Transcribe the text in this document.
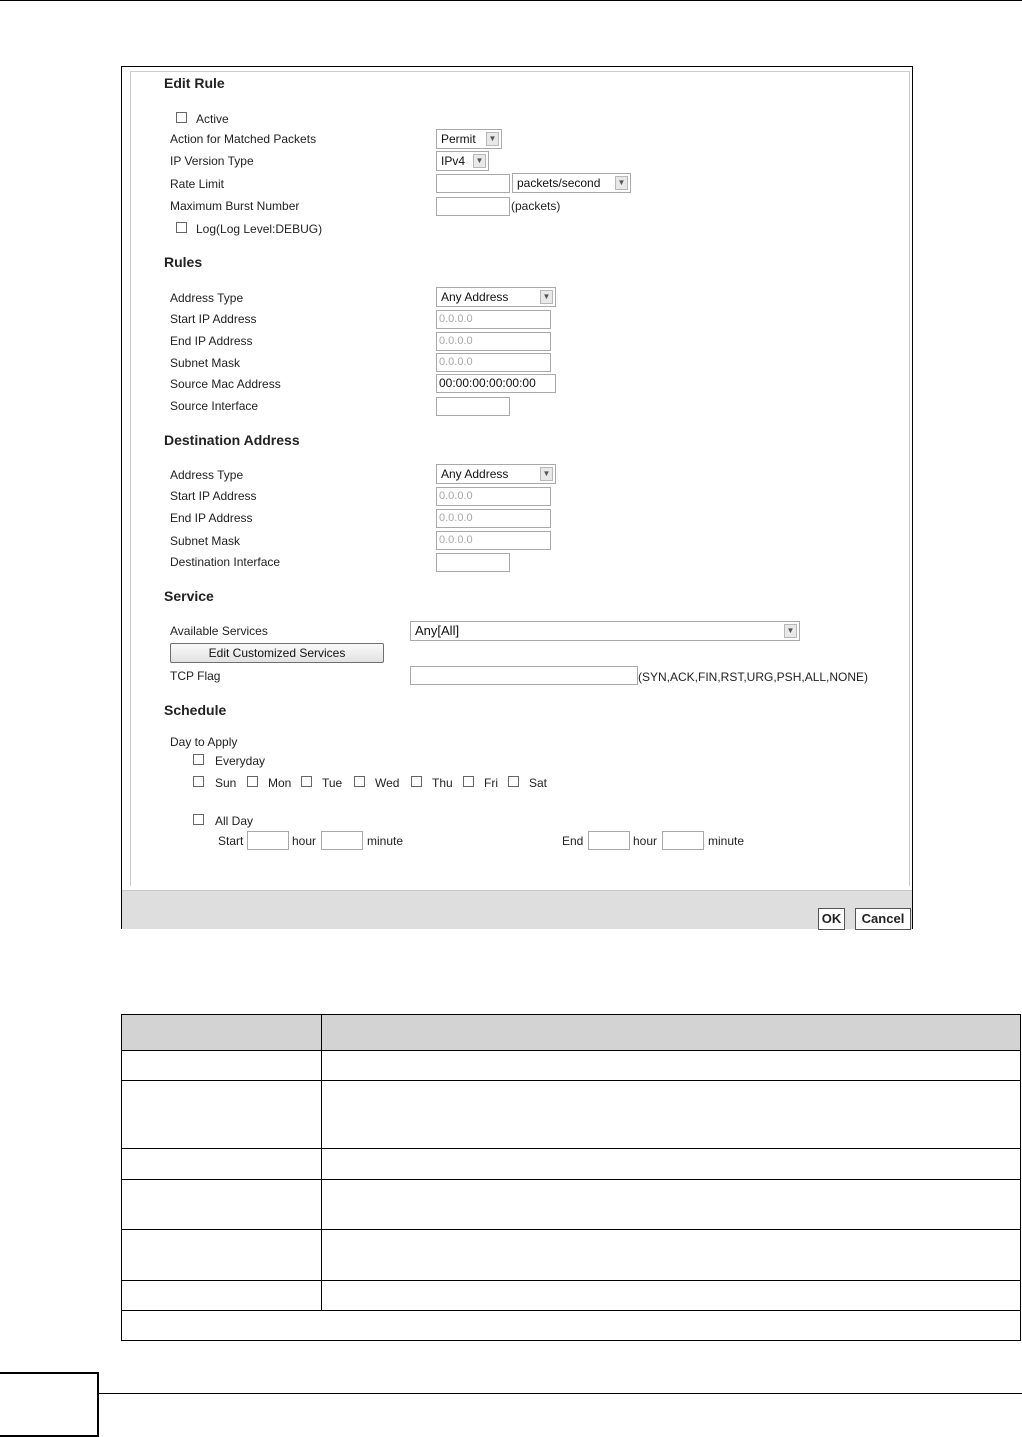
Edit Rule
Active
Action for Matched Packets	Permit	▼
IP Version Type	IPv4	▼
Rate Limit	packets/second	▼
Maximum Burst Number	(packets)
Log(Log Level:DEBUG)
Rules
Address Type	Any Address	▼
Start IP Address	0.0.0.0
End IP Address	0.0.0.0
Subnet Mask	0.0.0.0
Source Mac Address	00:00:00:00:00:00
Source Interface
Destination Address
Address Type	Any Address	▼
Start IP Address	0.0.0.0
End IP Address	0.0.0.0
Subnet Mask	0.0.0.0
Destination Interface
Service
Available Services	Any[All]	▼
Edit Customized Services
TCP Flag	(SYN,ACK,FIN,RST,URG,PSH,ALL,NONE)
Schedule
Day to Apply
Everyday
Sun	Mon	Tue	Wed	Thu	Fri	Sat
All Day
Start	hour	minute	End	hour	minute
OK	Cancel
